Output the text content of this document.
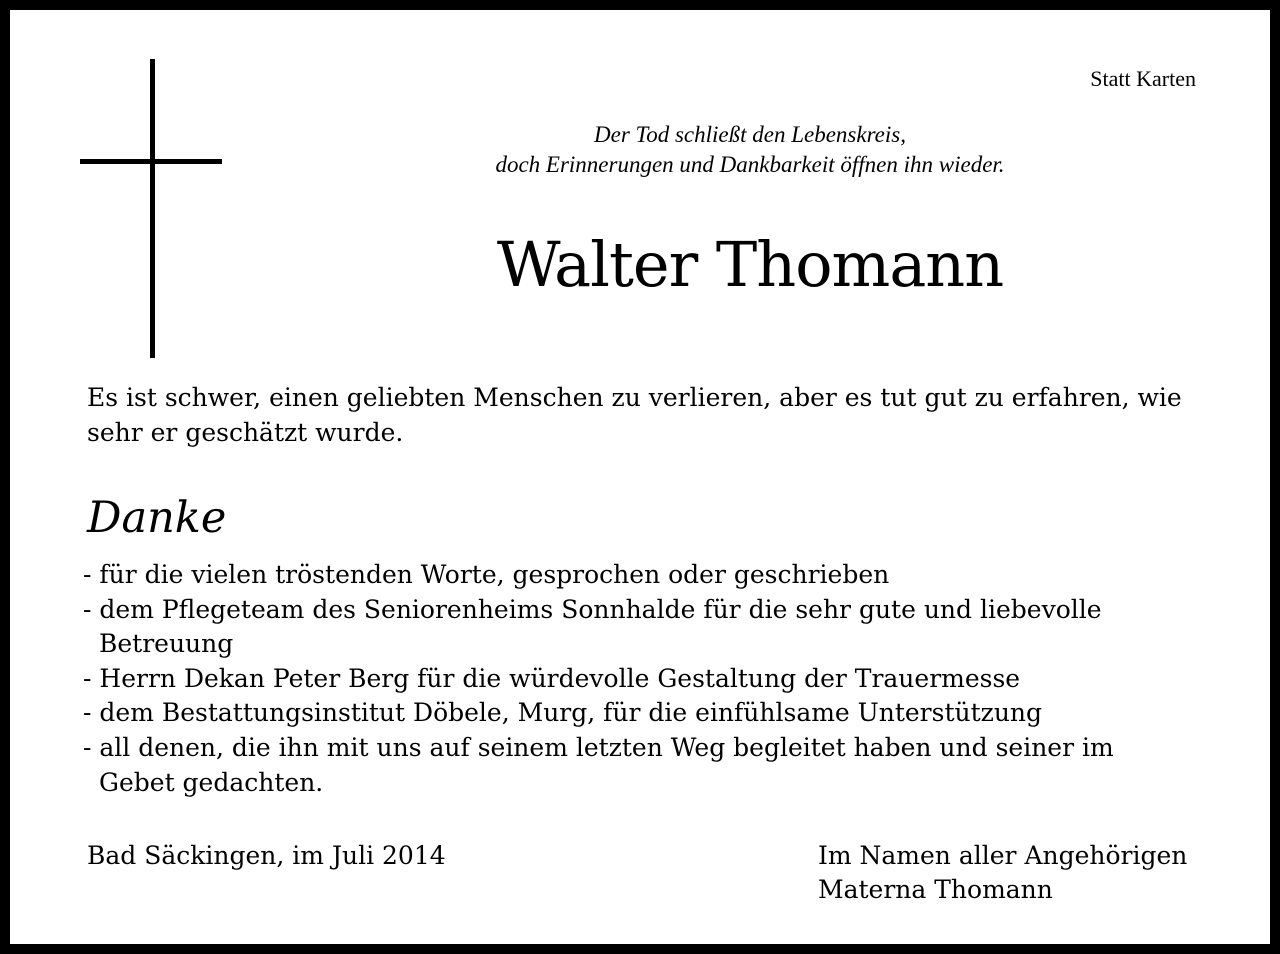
Statt Karten
Der Tod schließt den Lebenskreis,
doch Erinnerungen und Dankbarkeit öffnen ihn wieder.
Walter Thomann
Es ist schwer, einen geliebten Menschen zu verlieren, aber es tut gut zu erfahren, wie
sehr er geschätzt wurde.
Danke
- für die vielen tröstenden Worte, gesprochen oder geschrieben
- dem Pflegeteam des Seniorenheims Sonnhalde für die sehr gute und liebevolle
Betreuung
- Herrn Dekan Peter Berg für die würdevolle Gestaltung der Trauermesse
- dem Bestattungsinstitut Döbele, Murg, für die einfühlsame Unterstützung
- all denen, die ihn mit uns auf seinem letzten Weg begleitet haben und seiner im
Gebet gedachten.
Bad Säckingen, im Juli 2014	Im Namen aller Angehörigen
Materna Thomann
